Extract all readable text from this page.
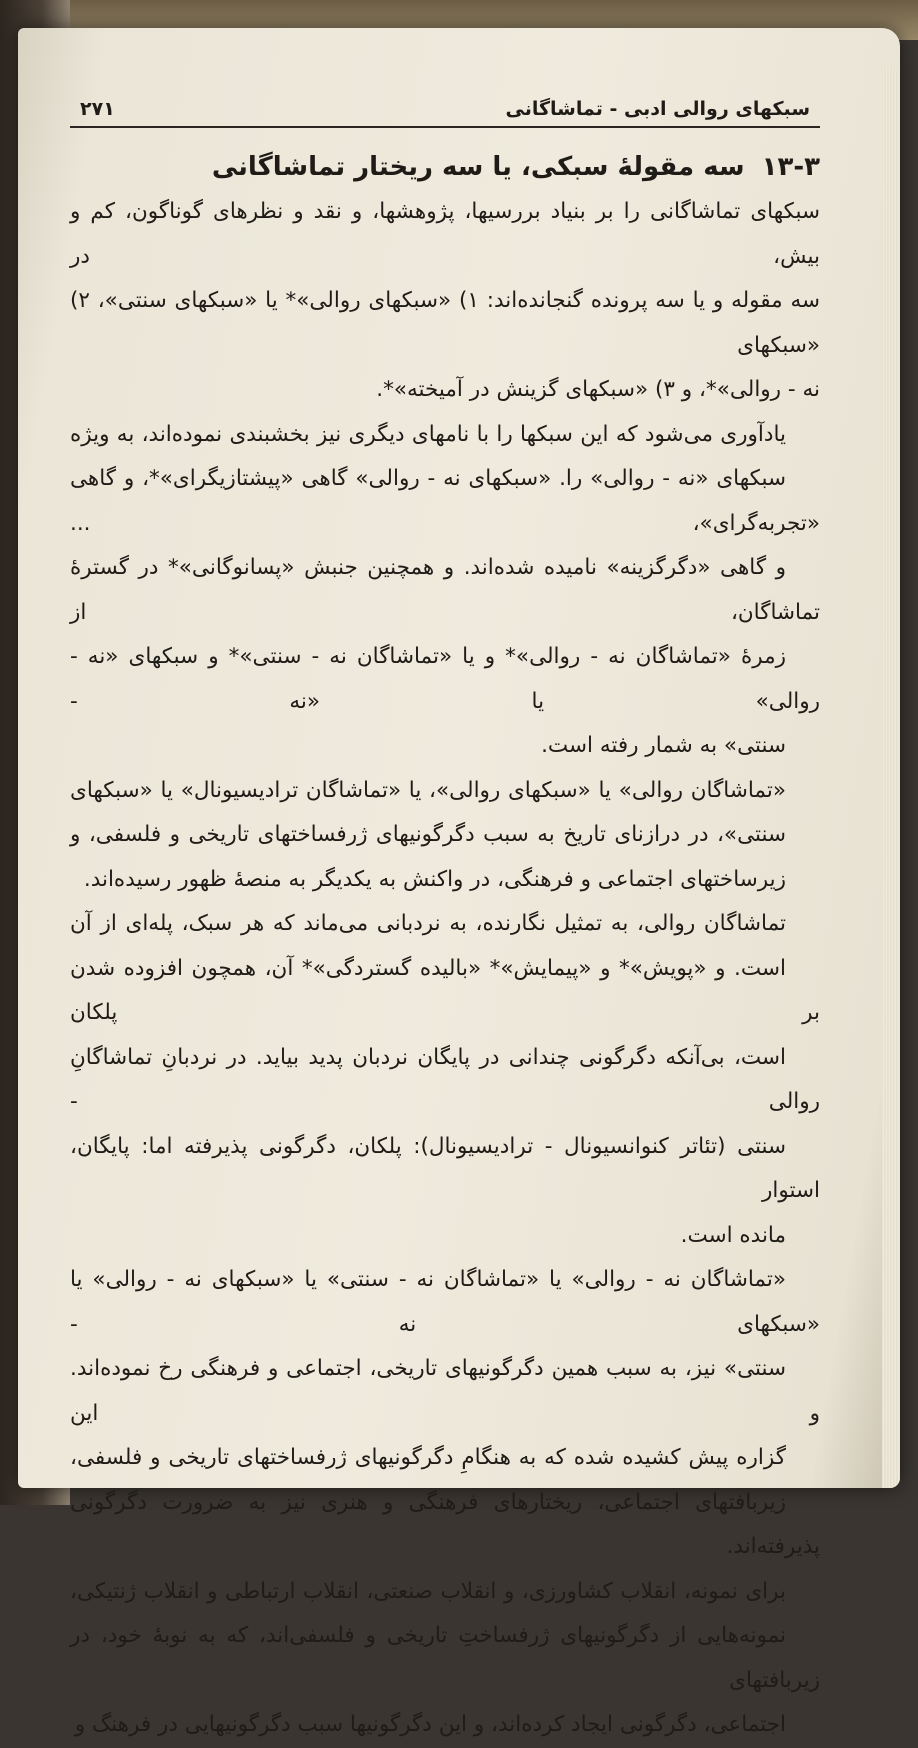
سبکهای روالی ادبی - تماشاگانی
۲۷۱
۱۳-۳ سه مقولهٔ سبکی، یا سه ریختار تماشاگانی
سبکهای تماشاگانی را بر بنیاد بررسیها، پژوهشها، و نقد و نظرهای گوناگون، کم و بیش، در
سه مقوله و یا سه پرونده گنجانده‌اند: ۱) «سبکهای روالی»* یا «سبکهای سنتی»، ۲) «سبکهای
نه - روالی»*، و ۳) «سبکهای گزینش در آمیخته»*.
یادآوری می‌شود که این سبکها را با نامهای دیگری نیز بخشبندی نموده‌اند، به ویژه
سبکهای «نه - روالی» را. «سبکهای نه - روالی» گاهی «پیشتازیگرای»*، و گاهی «تجربه‌گرای»، ...
و گاهی «دگرگزینه» نامیده شده‌اند. و همچنین جنبش «پسانوگانی»* در گسترهٔ تماشاگان، از
زمرهٔ «تماشاگان نه - روالی»* و یا «تماشاگان نه - سنتی»* و سبکهای «نه - روالی» یا «نه -
سنتی» به شمار رفته است.
«تماشاگان روالی» یا «سبکهای روالی»، یا «تماشاگان ترادیسیونال» یا «سبکهای
سنتی»، در درازنای تاریخ به سبب دگرگونیهای ژرفساختهای تاریخی و فلسفی، و
زیرساختهای اجتماعی و فرهنگی، در واکنش به یکدیگر به منصهٔ ظهور رسیده‌اند.
تماشاگان روالی، به تمثیل نگارنده، به نردبانی می‌ماند که هر سبک، پله‌ای از آن
است. و «پویش»* و «پیمایش»* «بالیده گستردگی»* آن، همچون افزوده شدن بر پلکان
است، بی‌آنکه دگرگونی چندانی در پایگان نردبان پدید بیاید. در نردبانِ تماشاگانِ روالی -
سنتی (تئاتر کنوانسیونال - ترادیسیونال): پلکان، دگرگونی پذیرفته اما: پایگان، استوار
مانده است.
«تماشاگان نه - روالی» یا «تماشاگان نه - سنتی» یا «سبکهای نه - روالی» یا «سبکهای نه -
سنتی» نیز، به سبب همین دگرگونیهای تاریخی، اجتماعی و فرهنگی رخ نموده‌اند. و این
گزاره پیش کشیده شده که به هنگامِ دگرگونیهای ژرفساختهای تاریخی و فلسفی،
زیربافتهای اجتماعی، ریختارهای فرهنگی و هنری نیز به ضرورت دگرگونی پذیرفته‌اند.
برای نمونه، انقلاب کشاورزی، و انقلاب صنعتی، انقلاب ارتباطی و انقلاب ژنتیکی،
نمونه‌هایی از دگرگونیهای ژرفساختِ تاریخی و فلسفی‌اند، که به نوبهٔ خود، در زیربافتهای
اجتماعی، دگرگونی ایجاد کرده‌اند، و این دگرگونیها سبب دگرگونیهایی در فرهنگ و
